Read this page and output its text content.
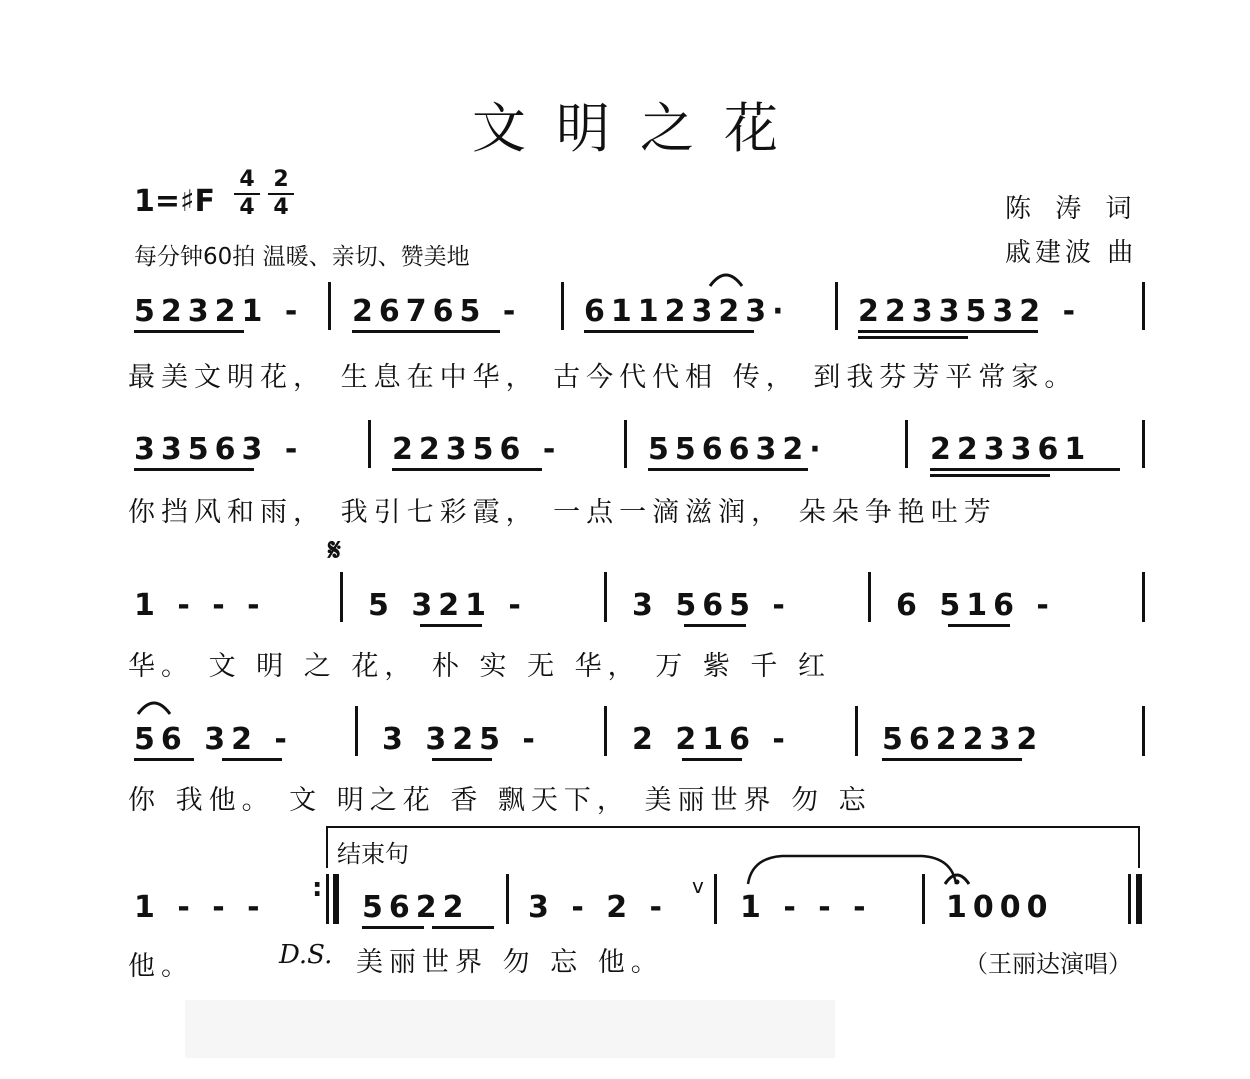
文明之花
1=♯F
4
4
2
4
每分钟60拍 温暖、亲切、赞美地
陈 涛 词
戚建波 曲
52321 - 26765 - 6112323· 2233532 -
最美文明花， 生息在中华， 古今代代相 传， 到我芬芳平常家。
33563 -	22356 -	556632·	223361
你挡风和雨， 我引七彩霞， 一点一滴滋润， 朵朵争艳吐芳
𝄋
1 - - -	5 321 -	3 565 -	6 516 -
华。 文 明 之 花， 朴 实 无 华， 万 紫 千 红
56 32 -	3 325 -	2 216 -	562232
你 我他。 文 明之花 香 飘天下， 美丽世界 勿 忘
结束句
1 - - -
:
5622 3 - 2 -
v
1 - - - 1000
他。	D.S. 美丽世界 勿 忘 他。	（王丽达演唱）
